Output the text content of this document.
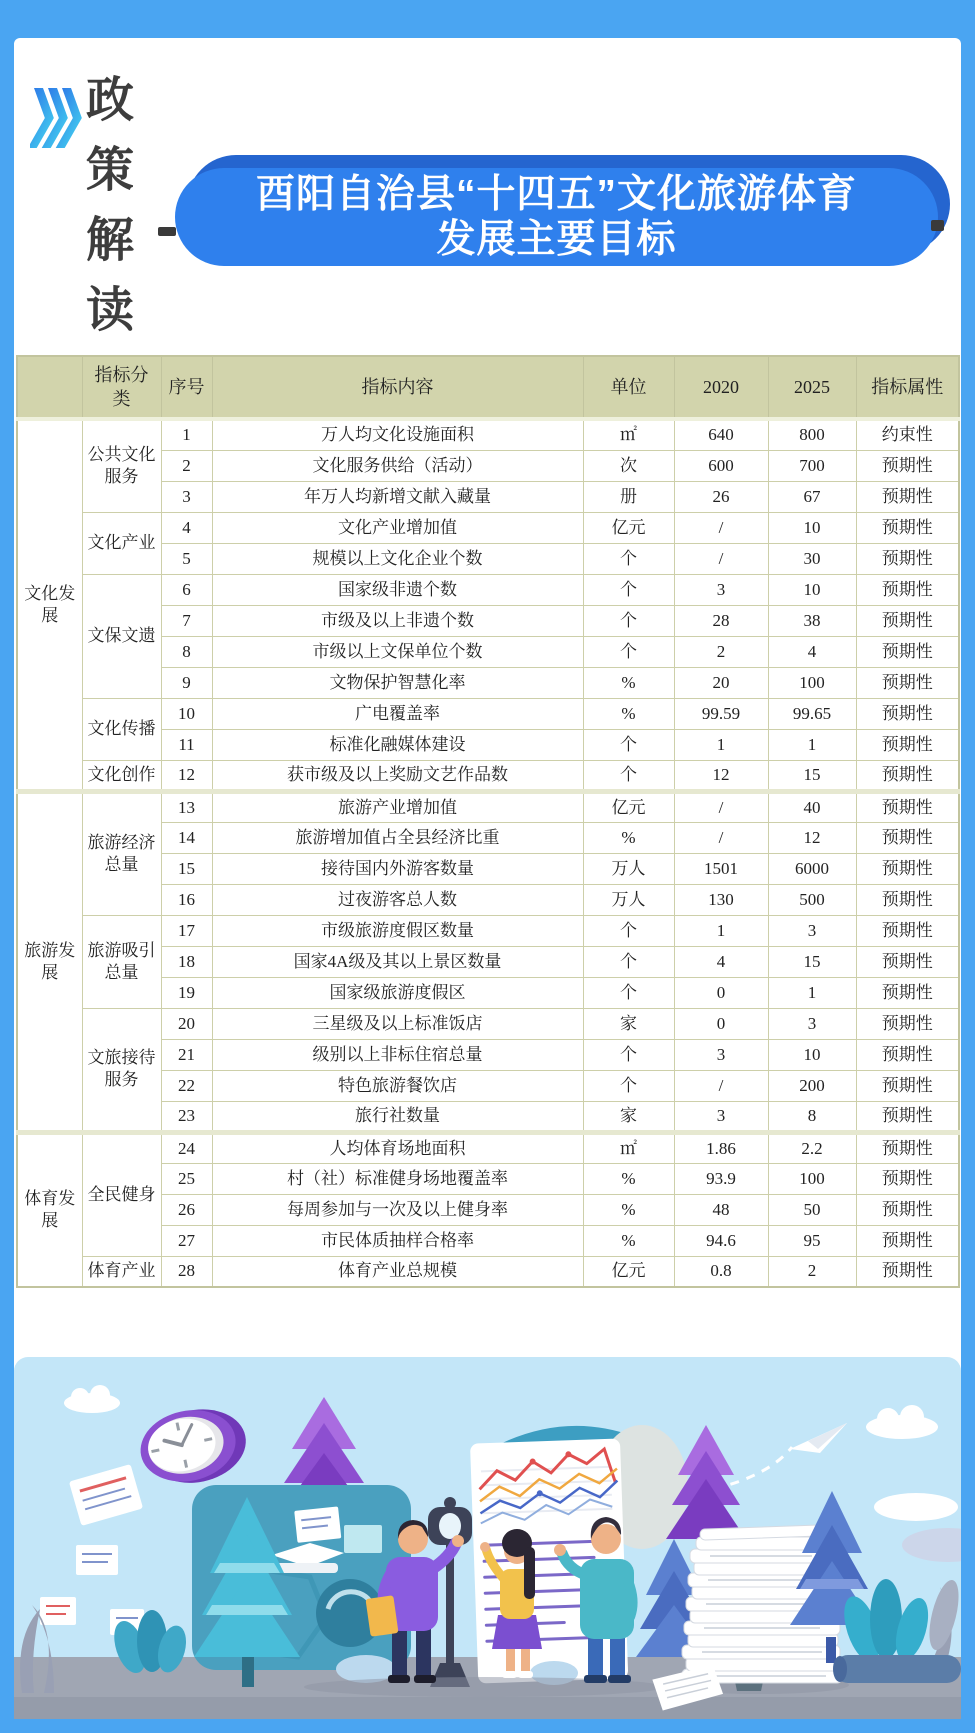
政策解读
酉阳自治县“十四五”文化旅游体育
发展主要目标
	指标分类	序号	指标内容	单位	2020	2025	指标属性
文化发展	公共文化服务	1	万人均文化设施面积	㎡	640	800	约束性
		2	文化服务供给（活动）	次	600	700	预期性
		3	年万人均新增文献入藏量	册	26	67	预期性
	文化产业	4	文化产业增加值	亿元	/	10	预期性
		5	规模以上文化企业个数	个	/	30	预期性
	文保文遗	6	国家级非遗个数	个	3	10	预期性
		7	市级及以上非遗个数	个	28	38	预期性
		8	市级以上文保单位个数	个	2	4	预期性
		9	文物保护智慧化率	%	20	100	预期性
	文化传播	10	广电覆盖率	%	99.59	99.65	预期性
		11	标准化融媒体建设	个	1	1	预期性
	文化创作	12	获市级及以上奖励文艺作品数	个	12	15	预期性
旅游发展	旅游经济总量	13	旅游产业增加值	亿元	/	40	预期性
		14	旅游增加值占全县经济比重	%	/	12	预期性
		15	接待国内外游客数量	万人	1501	6000	预期性
		16	过夜游客总人数	万人	130	500	预期性
	旅游吸引总量	17	市级旅游度假区数量	个	1	3	预期性
		18	国家4A级及其以上景区数量	个	4	15	预期性
		19	国家级旅游度假区	个	0	1	预期性
	文旅接待服务	20	三星级及以上标准饭店	家	0	3	预期性
		21	级别以上非标住宿总量	个	3	10	预期性
		22	特色旅游餐饮店	个	/	200	预期性
		23	旅行社数量	家	3	8	预期性
体育发展	全民健身	24	人均体育场地面积	㎡	1.86	2.2	预期性
		25	村（社）标准健身场地覆盖率	%	93.9	100	预期性
		26	每周参加与一次及以上健身率	%	48	50	预期性
		27	市民体质抽样合格率	%	94.6	95	预期性
	体育产业	28	体育产业总规模	亿元	0.8	2	预期性
